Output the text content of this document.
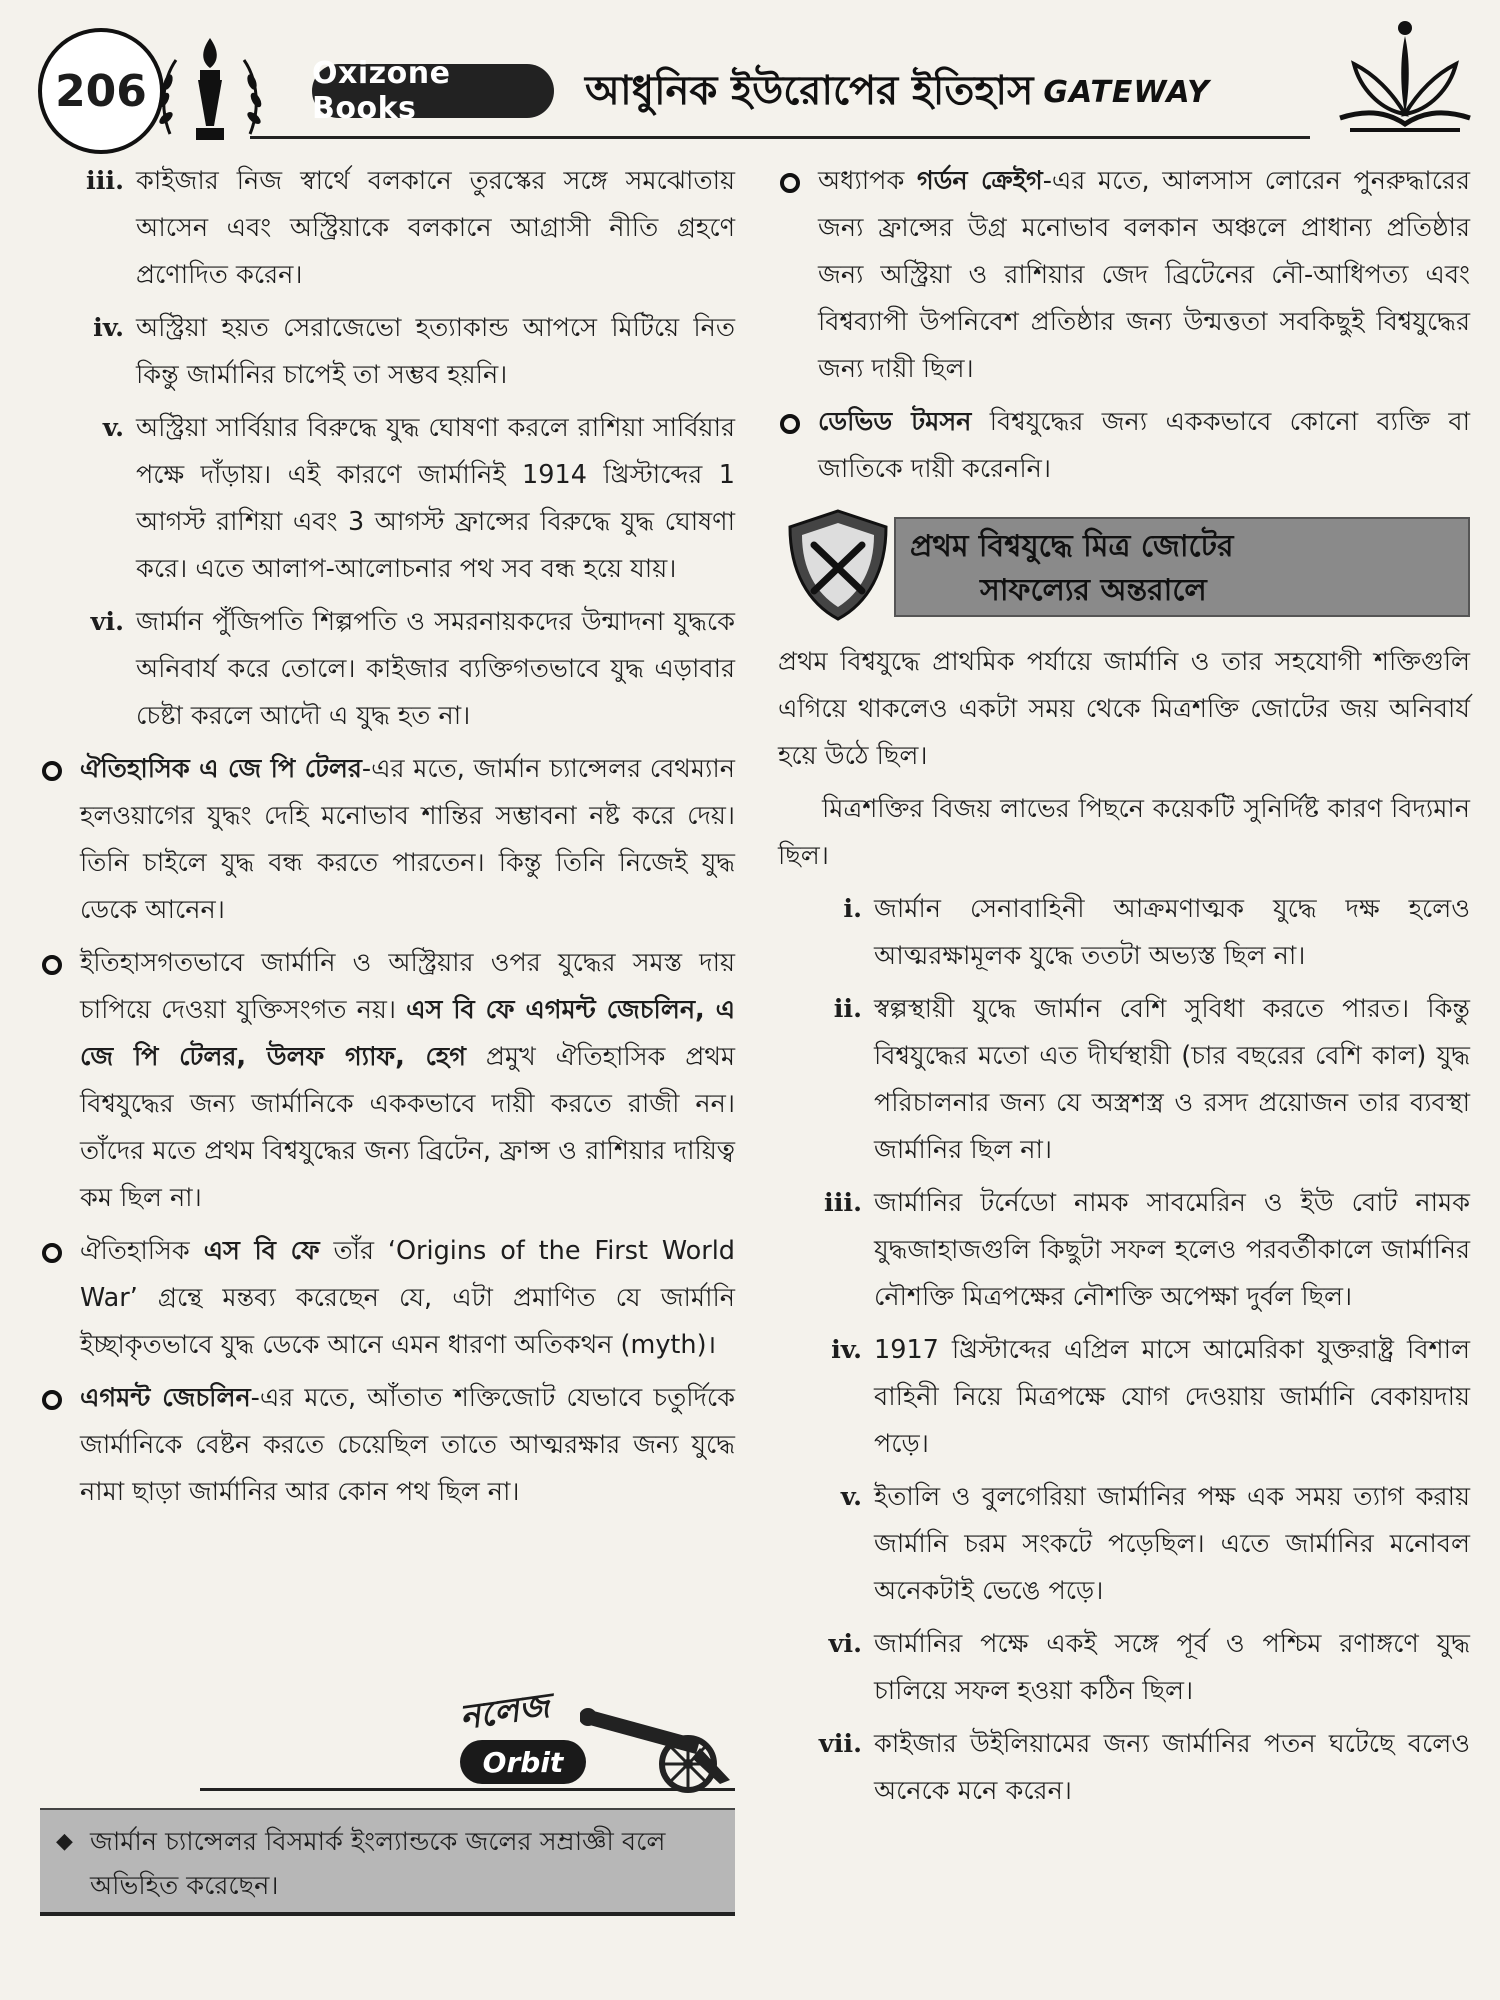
206	Oxizone Books	আধুনিক ইউরোপের ইতিহাস GATEWAY
iii. কাইজার নিজ স্বার্থে বলকানে তুরস্কের সঙ্গে সমঝোতায় আসেন এবং অস্ট্রিয়াকে বলকানে আগ্রাসী নীতি গ্রহণে প্রণোদিত করেন।
iv. অস্ট্রিয়া হয়ত সেরাজেভো হত্যাকান্ড আপসে মিটিয়ে নিত কিন্তু জার্মানির চাপেই তা সম্ভব হয়নি।
v. অস্ট্রিয়া সার্বিয়ার বিরুদ্ধে যুদ্ধ ঘোষণা করলে রাশিয়া সার্বিয়ার পক্ষে দাঁড়ায়। এই কারণে জার্মানিই 1914 খ্রিস্টাব্দের 1 আগস্ট রাশিয়া এবং 3 আগস্ট ফ্রান্সের বিরুদ্ধে যুদ্ধ ঘোষণা করে। এতে আলাপ-আলোচনার পথ সব বন্ধ হয়ে যায়।
vi. জার্মান পুঁজিপতি শিল্পপতি ও সমরনায়কদের উন্মাদনা যুদ্ধকে অনিবার্য করে তোলে। কাইজার ব্যক্তিগতভাবে যুদ্ধ এড়াবার চেষ্টা করলে আদৌ এ যুদ্ধ হত না।
ঐতিহাসিক এ জে পি টেলর-এর মতে, জার্মান চ্যান্সেলর বেথম্যান হলওয়াগের যুদ্ধং দেহি মনোভাব শান্তির সম্ভাবনা নষ্ট করে দেয়। তিনি চাইলে যুদ্ধ বন্ধ করতে পারতেন। কিন্তু তিনি নিজেই যুদ্ধ ডেকে আনেন।
ইতিহাসগতভাবে জার্মানি ও অস্ট্রিয়ার ওপর যুদ্ধের সমস্ত দায় চাপিয়ে দেওয়া যুক্তিসংগত নয়। এস বি ফে এগমন্ট জেচলিন, এ জে পি টেলর, উলফ গ্যাফ, হেগ প্রমুখ ঐতিহাসিক প্রথম বিশ্বযুদ্ধের জন্য জার্মানিকে এককভাবে দায়ী করতে রাজী নন। তাঁদের মতে প্রথম বিশ্বযুদ্ধের জন্য ব্রিটেন, ফ্রান্স ও রাশিয়ার দায়িত্ব কম ছিল না।
ঐতিহাসিক এস বি ফে তাঁর ‘Origins of the First World War’ গ্রন্থে মন্তব্য করেছেন যে, এটা প্রমাণিত যে জার্মানি ইচ্ছাকৃতভাবে যুদ্ধ ডেকে আনে এমন ধারণা অতিকথন (myth)।
এগমন্ট জেচলিন-এর মতে, আঁতাত শক্তিজোট যেভাবে চতুর্দিকে জার্মানিকে বেষ্টন করতে চেয়েছিল তাতে আত্মরক্ষার জন্য যুদ্ধে নামা ছাড়া জার্মানির আর কোন পথ ছিল না।
নলেজ
Orbit
◆ জার্মান চ্যান্সেলর বিসমার্ক ইংল্যান্ডকে জলের সম্রাজ্ঞী বলে অভিহিত করেছেন।
অধ্যাপক গর্ডন ক্রেইগ-এর মতে, আলসাস লোরেন পুনরুদ্ধারের জন্য ফ্রান্সের উগ্র মনোভাব বলকান অঞ্চলে প্রাধান্য প্রতিষ্ঠার জন্য অস্ট্রিয়া ও রাশিয়ার জেদ ব্রিটেনের নৌ-আধিপত্য এবং বিশ্বব্যাপী উপনিবেশ প্রতিষ্ঠার জন্য উন্মত্ততা সবকিছুই বিশ্বযুদ্ধের জন্য দায়ী ছিল।
ডেভিড টমসন বিশ্বযুদ্ধের জন্য এককভাবে কোনো ব্যক্তি বা জাতিকে দায়ী করেননি।
প্রথম বিশ্বযুদ্ধে মিত্র জোটের
সাফল্যের অন্তরালে
প্রথম বিশ্বযুদ্ধে প্রাথমিক পর্যায়ে জার্মানি ও তার সহযোগী শক্তিগুলি এগিয়ে থাকলেও একটা সময় থেকে মিত্রশক্তি জোটের জয় অনিবার্য হয়ে উঠে ছিল।
মিত্রশক্তির বিজয় লাভের পিছনে কয়েকটি সুনির্দিষ্ট কারণ বিদ্যমান ছিল।
i. জার্মান সেনাবাহিনী আক্রমণাত্মক যুদ্ধে দক্ষ হলেও আত্মরক্ষামূলক যুদ্ধে ততটা অভ্যস্ত ছিল না।
ii. স্বল্পস্থায়ী যুদ্ধে জার্মান বেশি সুবিধা করতে পারত। কিন্তু বিশ্বযুদ্ধের মতো এত দীর্ঘস্থায়ী (চার বছরের বেশি কাল) যুদ্ধ পরিচালনার জন্য যে অস্ত্রশস্ত্র ও রসদ প্রয়োজন তার ব্যবস্থা জার্মানির ছিল না।
iii. জার্মানির টর্নেডো নামক সাবমেরিন ও ইউ বোট নামক যুদ্ধজাহাজগুলি কিছুটা সফল হলেও পরবর্তীকালে জার্মানির নৌশক্তি মিত্রপক্ষের নৌশক্তি অপেক্ষা দুর্বল ছিল।
iv. 1917 খ্রিস্টাব্দের এপ্রিল মাসে আমেরিকা যুক্তরাষ্ট্র বিশাল বাহিনী নিয়ে মিত্রপক্ষে যোগ দেওয়ায় জার্মানি বেকায়দায় পড়ে।
v. ইতালি ও বুলগেরিয়া জার্মানির পক্ষ এক সময় ত্যাগ করায় জার্মানি চরম সংকটে পড়েছিল। এতে জার্মানির মনোবল অনেকটাই ভেঙে পড়ে।
vi. জার্মানির পক্ষে একই সঙ্গে পূর্ব ও পশ্চিম রণাঙ্গণে যুদ্ধ চালিয়ে সফল হওয়া কঠিন ছিল।
vii. কাইজার উইলিয়ামের জন্য জার্মানির পতন ঘটেছে বলেও অনেকে মনে করেন।
